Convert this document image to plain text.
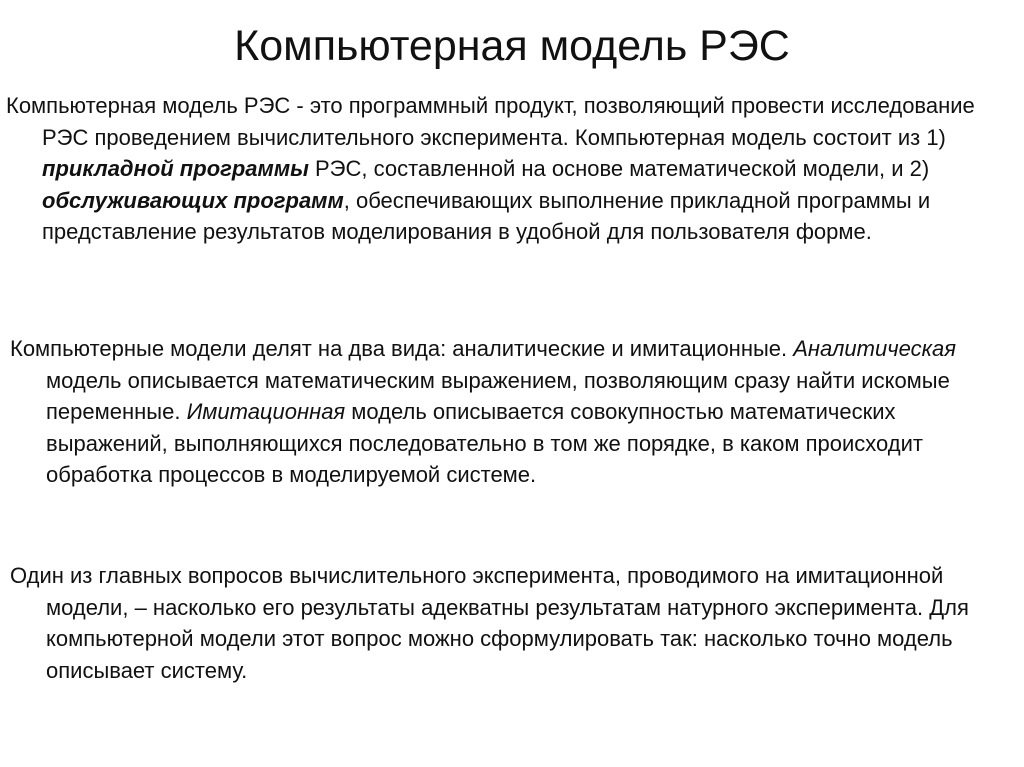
Компьютерная модель РЭС

Компьютерная модель РЭС - это программный продукт, позволяющий провести исследование РЭС проведением вычислительного эксперимента. Компьютерная модель состоит из 1) прикладной программы РЭС, составленной на основе математической модели, и 2) обслуживающих программ, обеспечивающих выполнение прикладной программы и представление результатов моделирования в удобной для пользователя форме.

Компьютерные модели делят на два вида: аналитические и имитационные. Аналитическая модель описывается математическим выражением, позволяющим сразу найти искомые переменные. Имитационная модель описывается совокупностью математических выражений, выполняющихся последовательно в том же порядке, в каком происходит обработка процессов в моделируемой системе.

Один из главных вопросов вычислительного эксперимента, проводимого на имитационной модели, – насколько его результаты адекватны результатам натурного эксперимента. Для компьютерной модели этот вопрос можно сформулировать так: насколько точно модель описывает систему.
